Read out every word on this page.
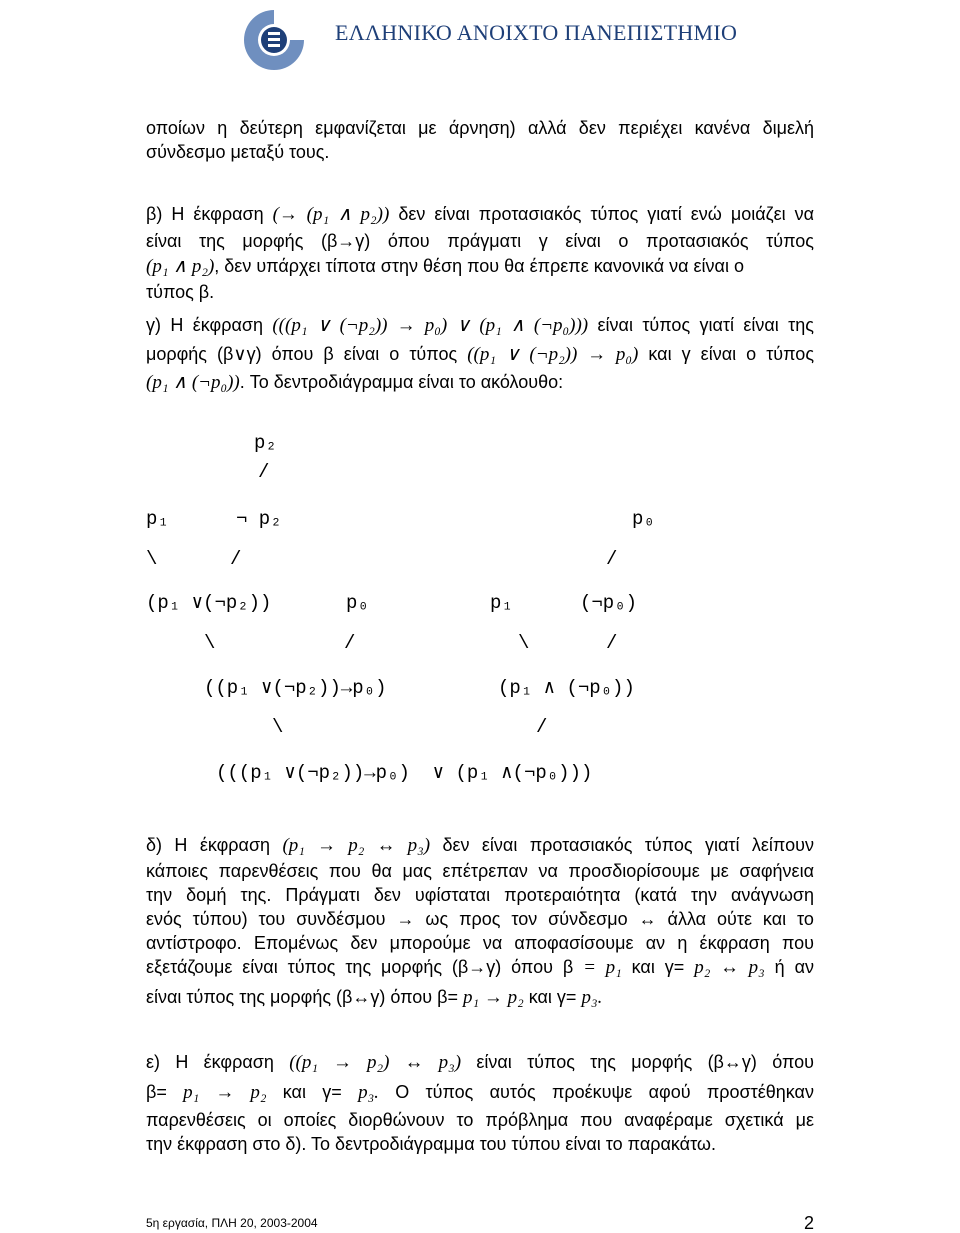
ΕΛΛΗΝΙΚΟ ΑΝΟΙΧΤΟ ΠΑΝΕΠΙΣΤΗΜΙΟ
οποίων η δεύτερη εμφανίζεται με άρνηση) αλλά δεν περιέχει κανένα διμελή
σύνδεσμο μεταξύ τους.
β) Η έκφραση (→ (p₁ ∧ p₂)) δεν είναι προτασιακός τύπος γιατί ενώ μοιάζει να
είναι της μορφής (β→γ) όπου πράγματι γ είναι ο προτασιακός τύπος
(p₁ ∧ p₂), δεν υπάρχει τίποτα στην θέση που θα έπρεπε κανονικά να είναι ο
τύπος β.
γ) Η έκφραση (((p₁ ∨ (¬p₂)) → p₀) ∨ (p₁ ∧ (¬p₀))) είναι τύπος γιατί είναι της
μορφής (β∨γ) όπου β είναι ο τύπος ((p₁ ∨ (¬p₂)) → p₀) και γ είναι ο τύπος
(p₁ ∧ (¬p₀)). Το δεντροδιάγραμμα είναι το ακόλουθο:
p₂
/
p₁	¬ p₂	p₀
\	/	/
(p₁ ∨(¬p₂))	p₀	p₁	(¬p₀)
\	/	\	/
((p₁ ∨(¬p₂))→p₀)	(p₁ ∧ (¬p₀))
\	/
(((p₁ ∨(¬p₂))→p₀)  ∨ (p₁ ∧(¬p₀)))
δ) Η έκφραση (p₁ → p₂ ↔ p₃) δεν είναι προτασιακός τύπος γιατί λείπουν
κάποιες παρενθέσεις που θα μας επέτρεπαν να προσδιορίσουμε με σαφήνεια
την δομή της. Πράγματι δεν υφίσταται προτεραιότητα (κατά την ανάγνωση
ενός τύπου) του συνδέσμου → ως προς τον σύνδεσμο ↔ άλλα ούτε και το
αντίστροφο. Επομένως δεν μπορούμε να αποφασίσουμε αν η έκφραση που
εξετάζουμε είναι τύπος της μορφής (β→γ) όπου β = p₁ και γ= p₂ ↔ p₃ ή αν
είναι τύπος της μορφής (β↔γ) όπου β= p₁ → p₂ και γ= p₃.
ε) Η έκφραση ((p₁ → p₂) ↔ p₃) είναι τύπος της μορφής (β↔γ) όπου
β= p₁ → p₂ και γ= p₃. Ο τύπος αυτός προέκυψε αφού προστέθηκαν
παρενθέσεις οι οποίες διορθώνουν το πρόβλημα που αναφέραμε σχετικά με
την έκφραση στο δ). Το δεντροδιάγραμμα του τύπου είναι το παρακάτω.
5η εργασία, ΠΛΗ 20, 2003-2004	2
